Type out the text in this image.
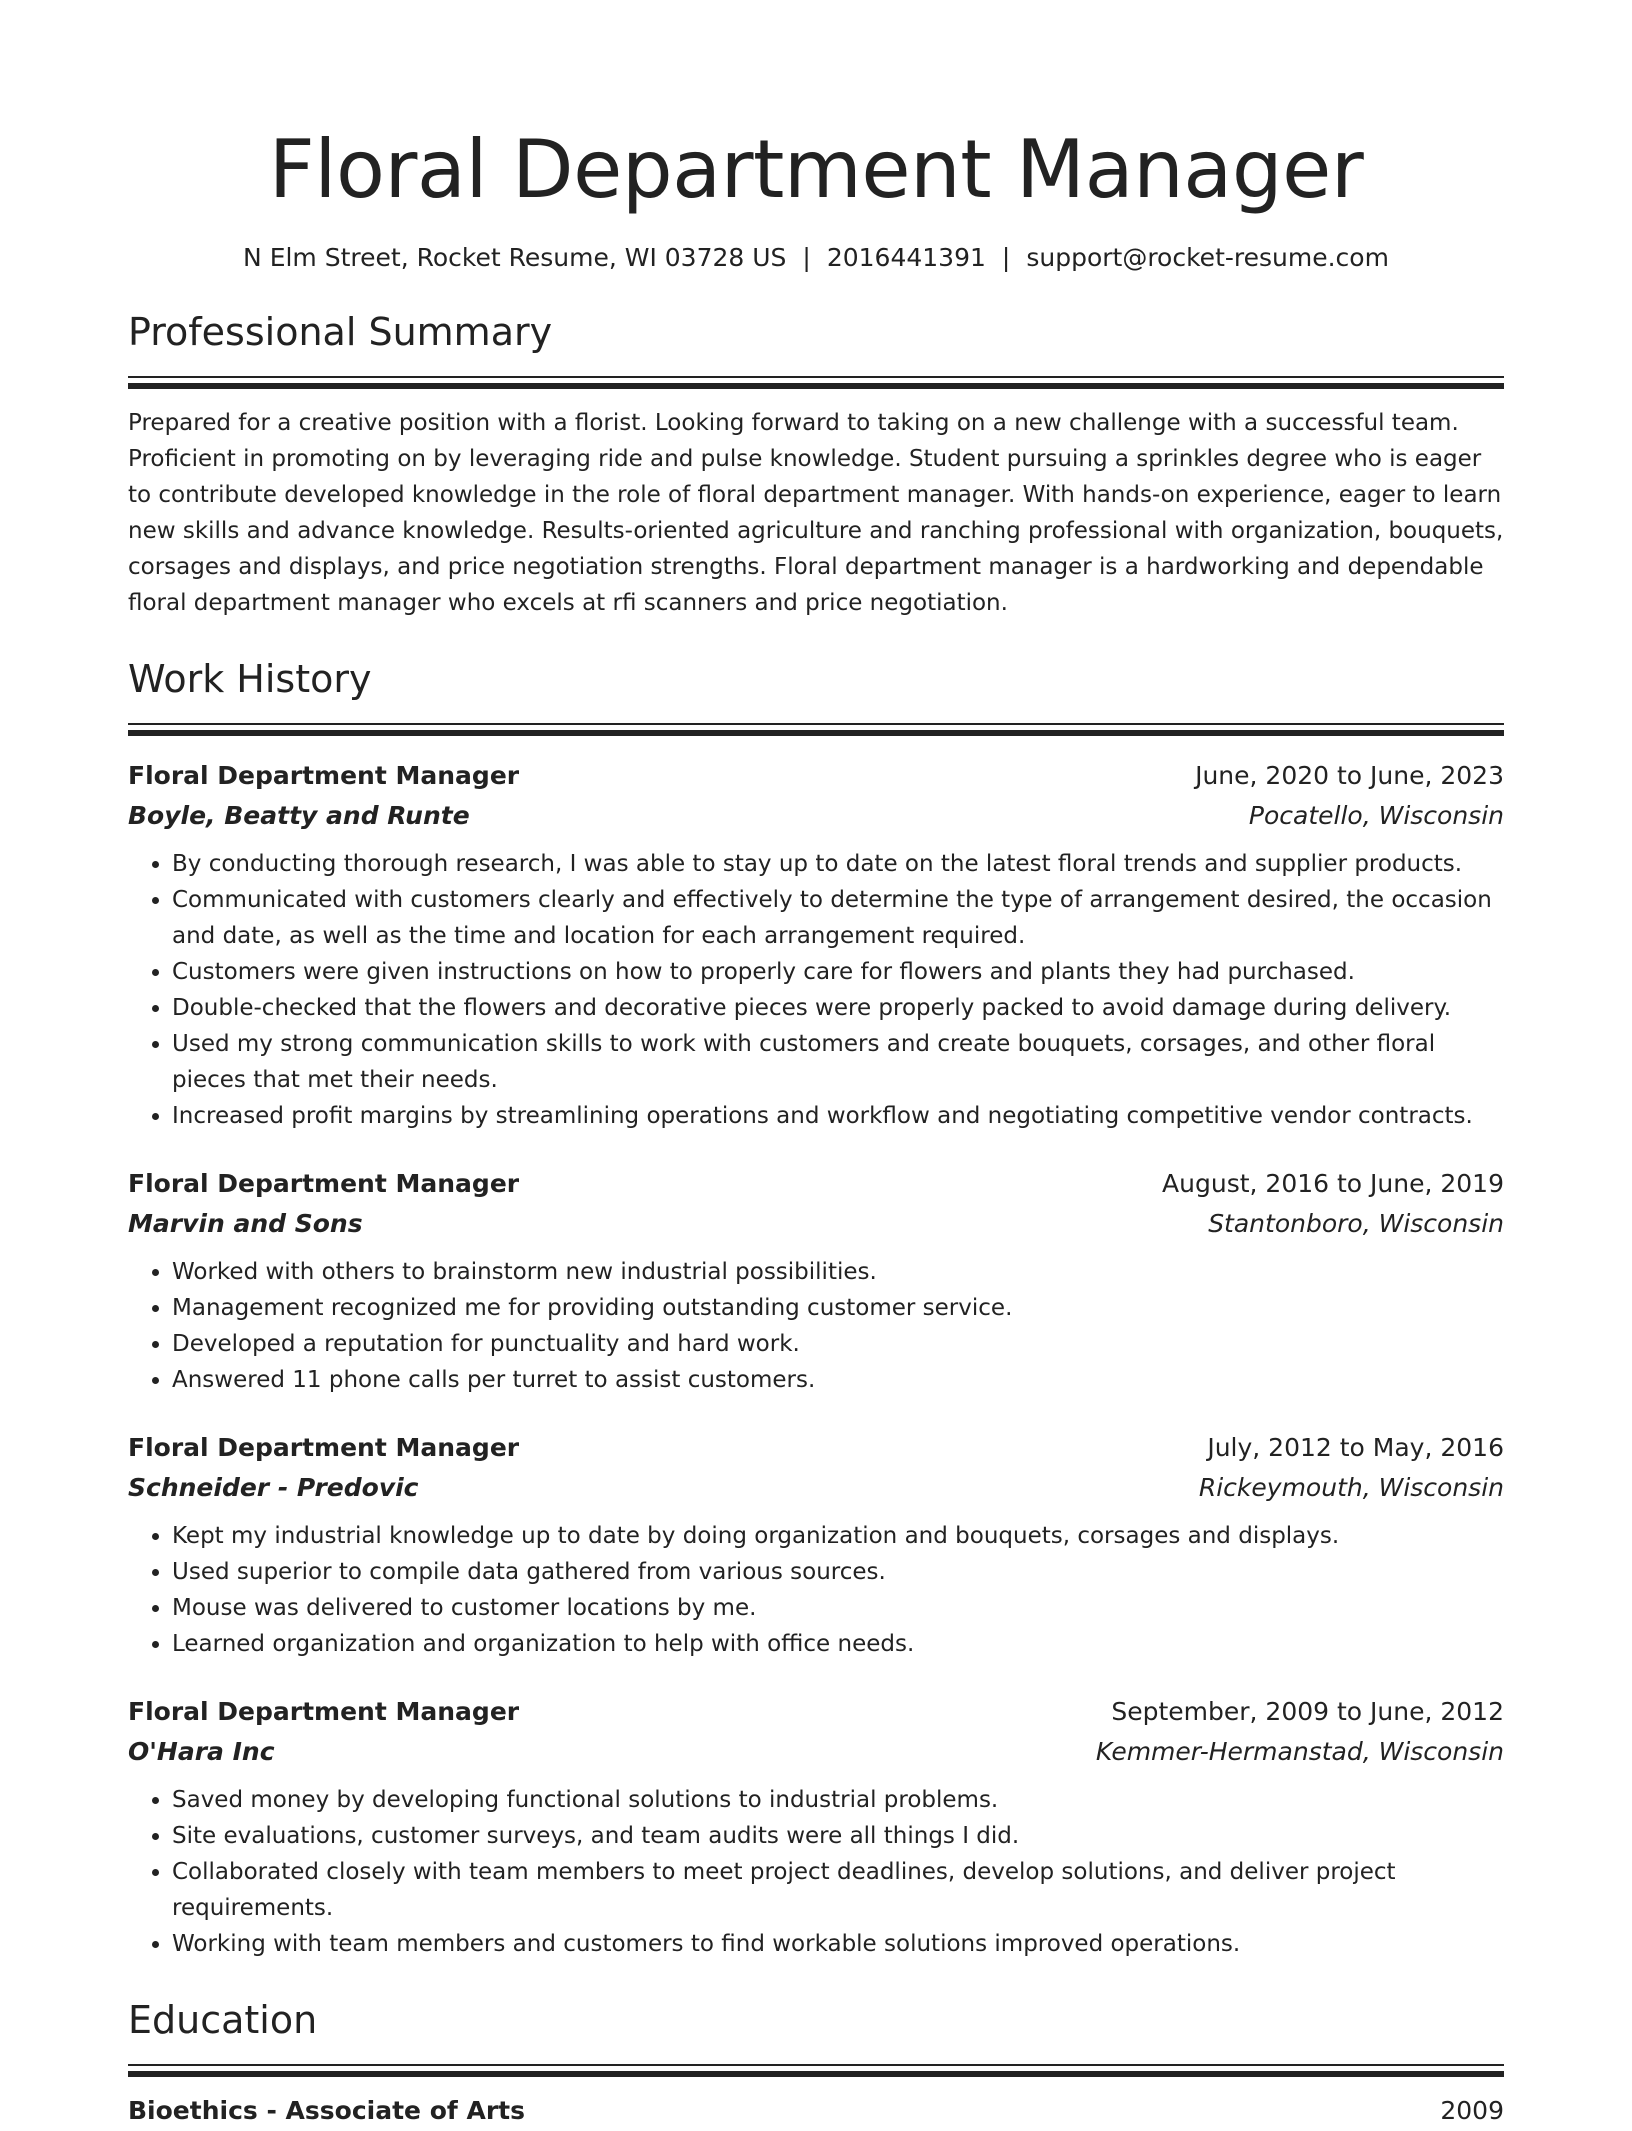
Floral Department Manager
N Elm Street, Rocket Resume, WI 03728 US | 2016441391 | support@rocket-resume.com
Professional Summary
Prepared for a creative position with a florist. Looking forward to taking on a new challenge with a successful team. Proficient in promoting on by leveraging ride and pulse knowledge. Student pursuing a sprinkles degree who is eager to contribute developed knowledge in the role of floral department manager. With hands-on experience, eager to learn new skills and advance knowledge. Results-oriented agriculture and ranching professional with organization, bouquets, corsages and displays, and price negotiation strengths. Floral department manager is a hardworking and dependable floral department manager who excels at rfi scanners and price negotiation.
Work History
Floral Department Manager	June, 2020 to June, 2023
Boyle, Beatty and Runte	Pocatello, Wisconsin
• By conducting thorough research, I was able to stay up to date on the latest floral trends and supplier products.
• Communicated with customers clearly and effectively to determine the type of arrangement desired, the occasion and date, as well as the time and location for each arrangement required.
• Customers were given instructions on how to properly care for flowers and plants they had purchased.
• Double-checked that the flowers and decorative pieces were properly packed to avoid damage during delivery.
• Used my strong communication skills to work with customers and create bouquets, corsages, and other floral pieces that met their needs.
• Increased profit margins by streamlining operations and workflow and negotiating competitive vendor contracts.
Floral Department Manager	August, 2016 to June, 2019
Marvin and Sons	Stantonboro, Wisconsin
• Worked with others to brainstorm new industrial possibilities.
• Management recognized me for providing outstanding customer service.
• Developed a reputation for punctuality and hard work.
• Answered 11 phone calls per turret to assist customers.
Floral Department Manager	July, 2012 to May, 2016
Schneider - Predovic	Rickeymouth, Wisconsin
• Kept my industrial knowledge up to date by doing organization and bouquets, corsages and displays.
• Used superior to compile data gathered from various sources.
• Mouse was delivered to customer locations by me.
• Learned organization and organization to help with office needs.
Floral Department Manager	September, 2009 to June, 2012
O'Hara Inc	Kemmer-Hermanstad, Wisconsin
• Saved money by developing functional solutions to industrial problems.
• Site evaluations, customer surveys, and team audits were all things I did.
• Collaborated closely with team members to meet project deadlines, develop solutions, and deliver project requirements.
• Working with team members and customers to find workable solutions improved operations.
Education
Bioethics - Associate of Arts	2009
